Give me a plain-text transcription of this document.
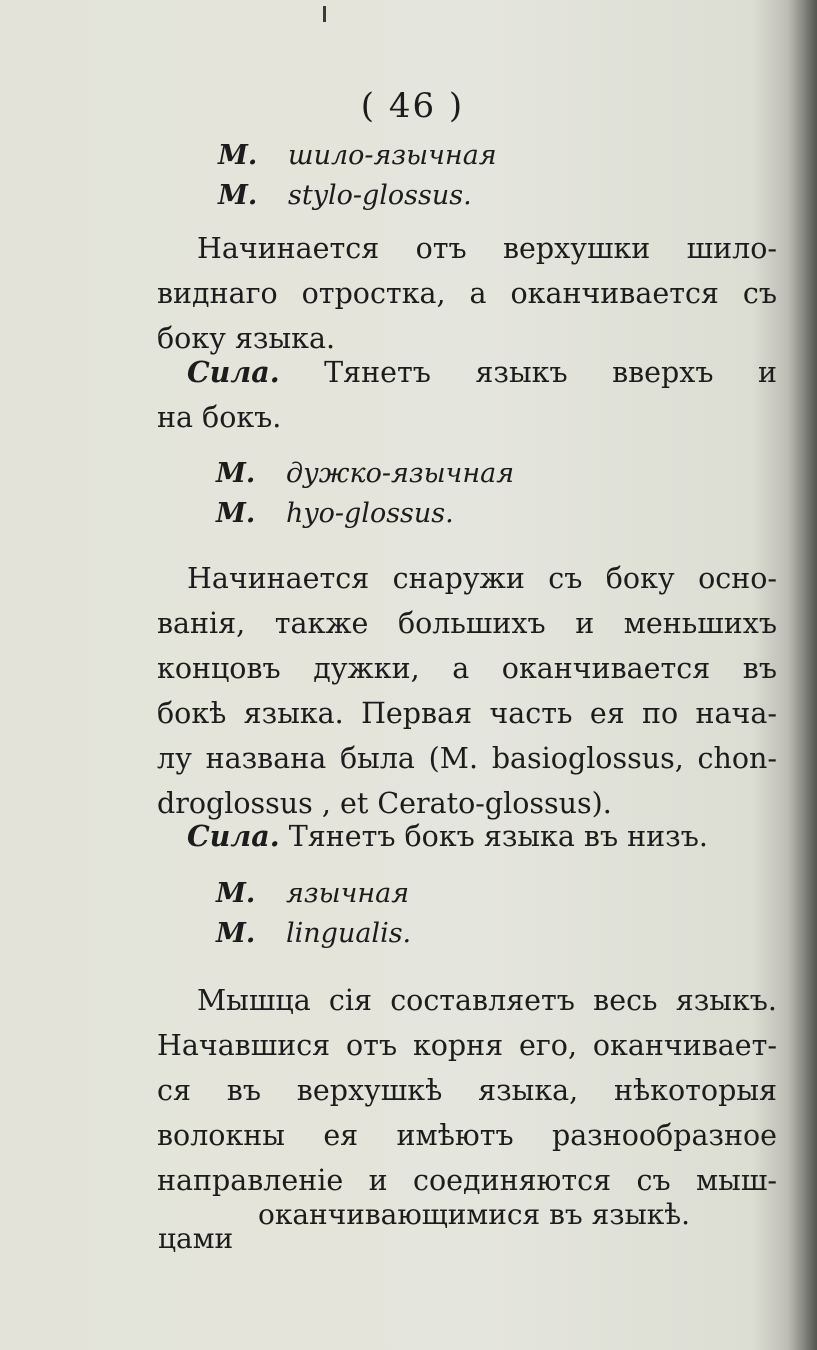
( 46 )
M. шило-язычная
M. stylo-glossus.
Начинается отъ верхушки шило-
виднаго отростка, а оканчивается съ
боку языка.
Сила. Тянетъ языкъ вверхъ и
на бокъ.
M. дужко-язычная
M. hyo-glossus.
Начинается снаружи съ боку осно-
ванія, также большихъ и меньшихъ
концовъ дужки, а оканчивается въ
бокѣ языка. Первая часть ея по нача-
лу названа была (M. basioglossus, chon-
droglossus , et Cerato-glossus).
Сила. Тянетъ бокъ языка въ низъ.
M. язычная
M. lingualis.
Мышца сія составляетъ весь языкъ.
Начавшися отъ корня его, оканчивает-
ся въ верхушкѣ языка, нѣкоторыя
волокны ея имѣютъ разнообразное
направленіе и соединяются съ мыш-
оканчивающимися въ языкѣ.
цами
